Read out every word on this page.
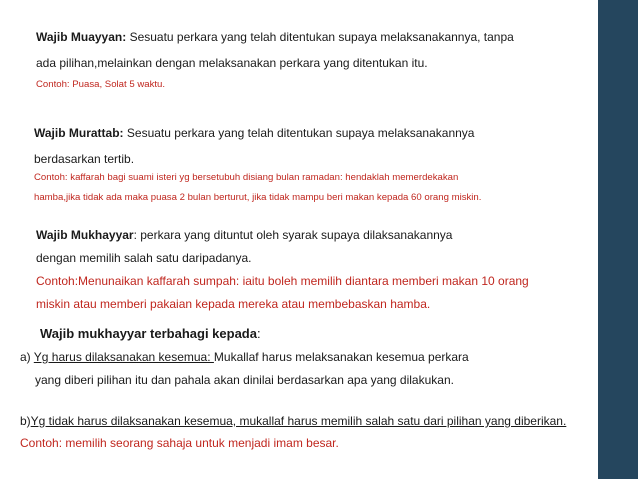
Wajib Muayyan: Sesuatu perkara yang telah ditentukan supaya melaksanakannya, tanpa
ada pilihan,melainkan dengan melaksanakan perkara yang ditentukan itu.
Contoh: Puasa, Solat 5 waktu.
Wajib Murattab: Sesuatu perkara yang telah ditentukan supaya melaksanakannya
berdasarkan tertib.
Contoh: kaffarah bagi suami isteri yg bersetubuh disiang bulan ramadan: hendaklah memerdekakan
hamba,jika tidak ada maka puasa 2 bulan berturut, jika tidak mampu beri makan kepada 60 orang miskin.
Wajib Mukhayyar: perkara yang dituntut oleh syarak supaya dilaksanakannya
dengan memilih salah satu daripadanya.
Contoh:Menunaikan kaffarah sumpah: iaitu boleh memilih diantara memberi makan 10 orang
miskin atau memberi pakaian kepada mereka atau membebaskan hamba.
Wajib mukhayyar terbahagi kepada:
a) Yg harus dilaksanakan kesemua: Mukallaf harus melaksanakan kesemua perkara
yang diberi pilihan itu dan pahala akan dinilai berdasarkan apa yang dilakukan.
b)Yg tidak harus dilaksanakan kesemua, mukallaf harus memilih salah satu dari pilihan yang diberikan.
Contoh: memilih seorang sahaja untuk menjadi imam besar.
